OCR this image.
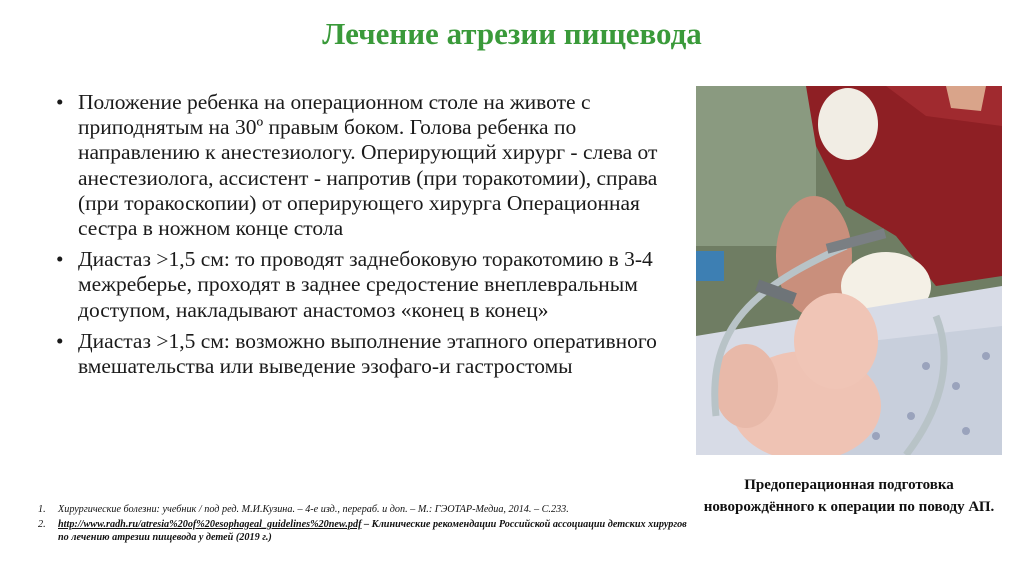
Лечение атрезии пищевода
• Положение ребенка на операционном столе на животе с приподнятым на 30º правым боком. Голова ребенка по направлению к анестезиологу. Оперирующий хирург - слева от анестезиолога, ассистент - напротив (при торакотомии), справа (при торакоскопии) от оперирующего хирурга Операционная сестра в ножном конце стола
• Диастаз >1,5 см: то проводят заднебоковую торакотомию в 3-4 межреберье, проходят в заднее средостение внеплевральным доступом, накладывают анастомоз «конец в конец»
• Диастаз >1,5 см: возможно выполнение этапного оперативного вмешательства или выведение эзофаго-и гастростомы
Предоперационная подготовка новорождённого к операции по поводу АП.
1. Хирургические болезни: учебник / под ред. М.И.Кузина. – 4-е изд., перераб. и доп. – М.: ГЭОТАР-Медиа, 2014. – С.233.
2. http://www.radh.ru/atresia%20of%20esophageal_guidelines%20new.pdf – Клинические рекомендации Российской ассоциации детских хирургов по лечению атрезии пищевода у детей (2019 г.)
